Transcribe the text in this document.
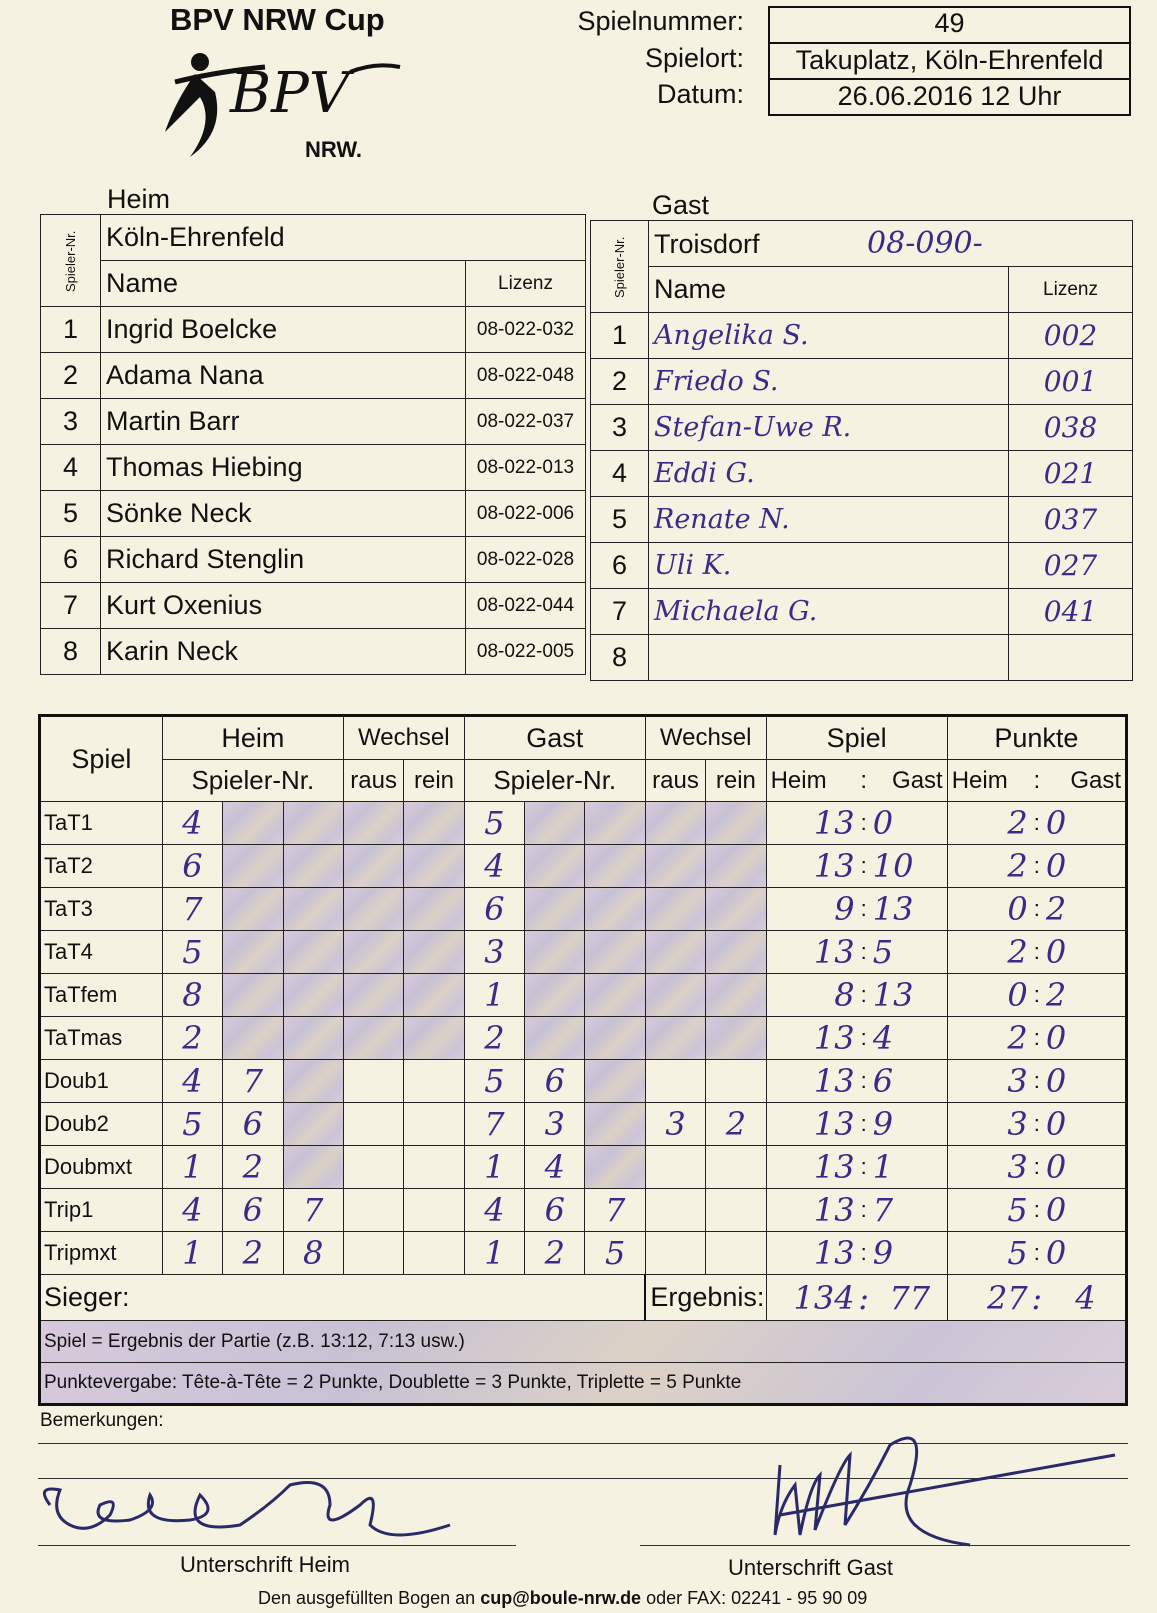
BPV NRW Cup
BPV
NRW.
Spielnummer:
Spielort:
Datum:
49
Takuplatz, Köln-Ehrenfeld
26.06.2016 12 Uhr
Heim	Gast
Spieler-Nr.	Köln-Ehrenfeld	
	Name	Lizenz
1	Ingrid Boelcke	08-022-032
2	Adama Nana	08-022-048
3	Martin Barr	08-022-037
4	Thomas Hiebing	08-022-013
5	Sönke Neck	08-022-006
6	Richard Stenglin	08-022-028
7	Kurt Oxenius	08-022-044
8	Karin Neck	08-022-005
Spieler-Nr.	Troisdorf 08-090-	
	Name	Lizenz
1	Angelika S.	002
2	Friedo S.	001
3	Stefan-Uwe R.	038
4	Eddi G.	021
5	Renate N.	037
6	Uli K.	027
7	Michaela G.	041
8		
Spiel	Heim			Wechsel		Gast			Wechsel		Spiel			Punkte		
	Spieler-Nr.			raus	rein	Spieler-Nr.			raus	rein	Heim	:	Gast	Heim	:	Gast
TaT1	4					5					13	:	0	2	:	0
TaT2	6					4					13	:	10	2	:	0
TaT3	7					6					9	:	13	0	:	2
TaT4	5					3					13	:	5	2	:	0
TaTfem	8					1					8	:	13	0	:	2
TaTmas	2					2					13	:	4	2	:	0
Doub1	4	7				5	6				13	:	6	3	:	0
Doub2	5	6				7	3		3	2	13	:	9	3	:	0
Doubmxt	1	2				1	4				13	:	1	3	:	0
Trip1	4	6	7			4	6	7			13	:	7	5	:	0
Tripmxt	1	2	8			1	2	5			13	:	9	5	:	0
Sieger:									Ergebnis:		134	:	77	27	:	4
Spiel = Ergebnis der Partie (z.B. 13:12, 7:13 usw.)																
Punktevergabe: Tête-à-Tête = 2 Punkte, Doublette = 3 Punkte, Triplette = 5 Punkte																
Bemerkungen:
Unterschrift Heim	Unterschrift Gast
Den ausgefüllten Bogen an cup@boule-nrw.de oder FAX: 02241 - 95 90 09
